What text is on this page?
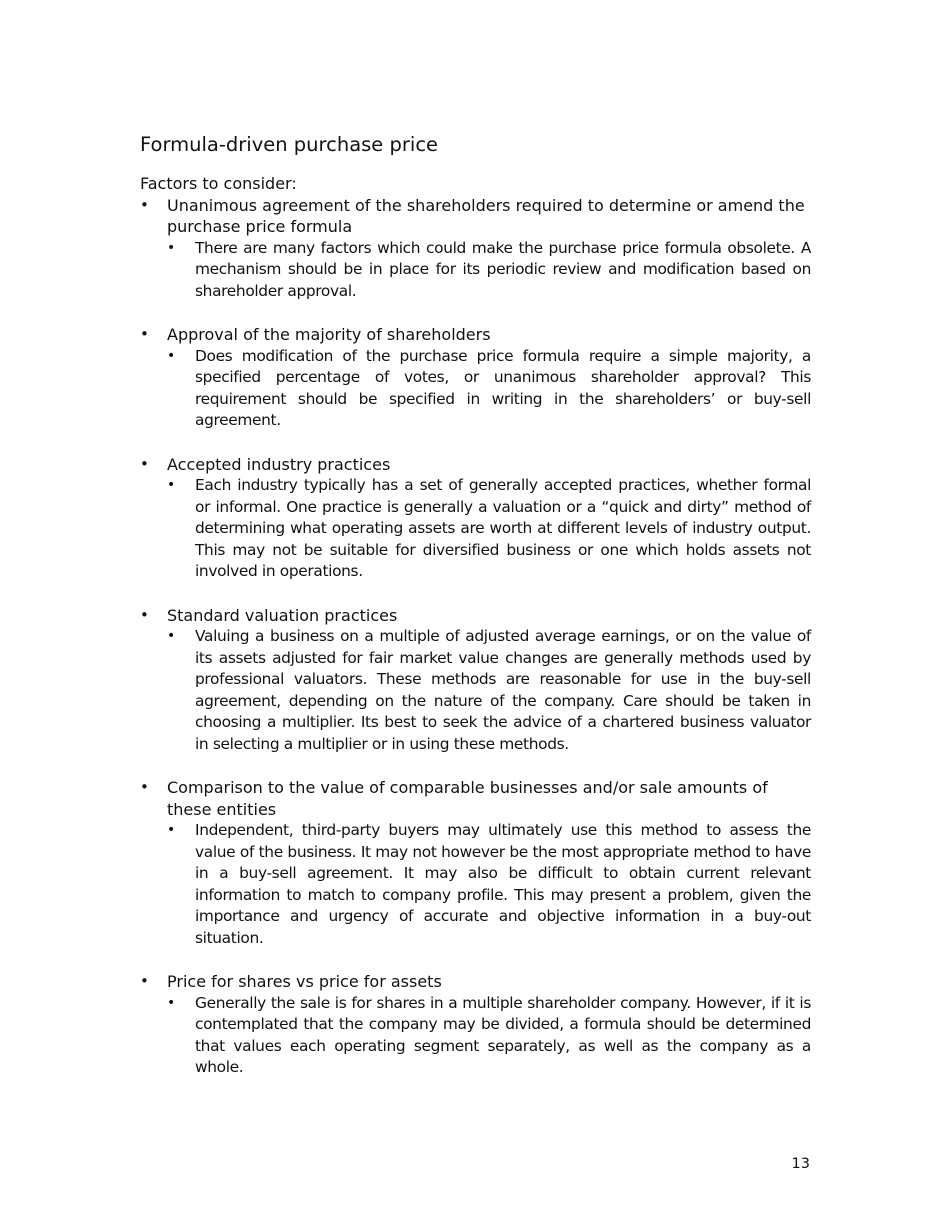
Formula-driven purchase price

Factors to consider:

• Unanimous agreement of the shareholders required to determine or amend the purchase price formula
• There are many factors which could make the purchase price formula obsolete. A mechanism should be in place for its periodic review and modification based on shareholder approval.
• Approval of the majority of shareholders
• Does modification of the purchase price formula require a simple majority, a specified percentage of votes, or unanimous shareholder approval? This requirement should be specified in writing in the shareholders’ or buy-sell agreement.
• Accepted industry practices
• Each industry typically has a set of generally accepted practices, whether formal or informal. One practice is generally a valuation or a “quick and dirty” method of determining what operating assets are worth at different levels of industry output. This may not be suitable for diversified business or one which holds assets not involved in operations.
• Standard valuation practices
• Valuing a business on a multiple of adjusted average earnings, or on the value of its assets adjusted for fair market value changes are generally methods used by professional valuators. These methods are reasonable for use in the buy-sell agreement, depending on the nature of the company. Care should be taken in choosing a multiplier. Its best to seek the advice of a chartered business valuator in selecting a multiplier or in using these methods.
• Comparison to the value of comparable businesses and/or sale amounts of these entities
• Independent, third-party buyers may ultimately use this method to assess the value of the business. It may not however be the most appropriate method to have in a buy-sell agreement. It may also be difficult to obtain current relevant information to match to company profile. This may present a problem, given the importance and urgency of accurate and objective information in a buy-out situation.
• Price for shares vs price for assets
• Generally the sale is for shares in a multiple shareholder company. However, if it is contemplated that the company may be divided, a formula should be determined that values each operating segment separately, as well as the company as a whole.
13
